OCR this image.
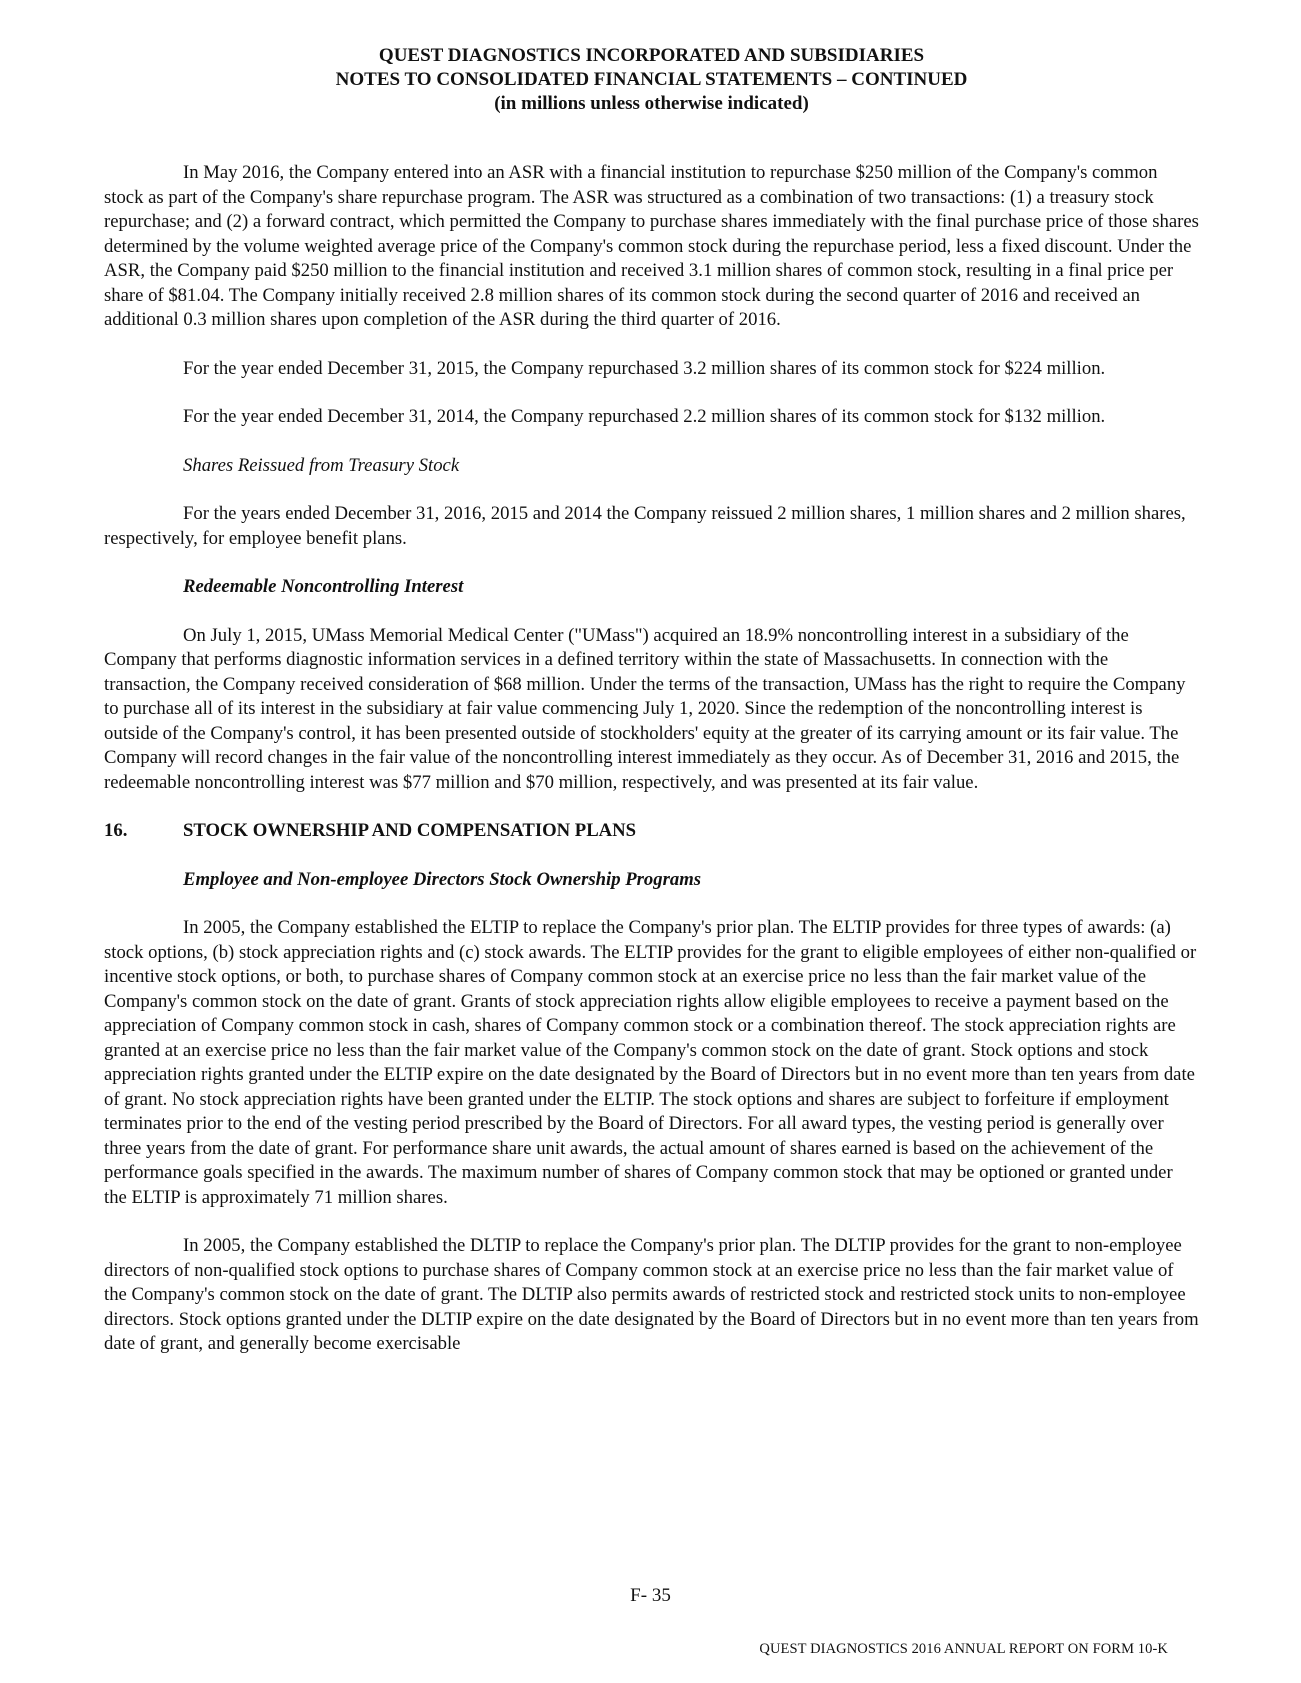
QUEST DIAGNOSTICS INCORPORATED AND SUBSIDIARIES
NOTES TO CONSOLIDATED FINANCIAL STATEMENTS – CONTINUED
(in millions unless otherwise indicated)

In May 2016, the Company entered into an ASR with a financial institution to repurchase $250 million of the Company's common stock as part of the Company's share repurchase program. The ASR was structured as a combination of two transactions: (1) a treasury stock repurchase; and (2) a forward contract, which permitted the Company to purchase shares immediately with the final purchase price of those shares determined by the volume weighted average price of the Company's common stock during the repurchase period, less a fixed discount. Under the ASR, the Company paid $250 million to the financial institution and received 3.1 million shares of common stock, resulting in a final price per share of $81.04. The Company initially received 2.8 million shares of its common stock during the second quarter of 2016 and received an additional 0.3 million shares upon completion of the ASR during the third quarter of 2016.

For the year ended December 31, 2015, the Company repurchased 3.2 million shares of its common stock for $224 million.

For the year ended December 31, 2014, the Company repurchased 2.2 million shares of its common stock for $132 million.

Shares Reissued from Treasury Stock

For the years ended December 31, 2016, 2015 and 2014 the Company reissued 2 million shares, 1 million shares and 2 million shares, respectively, for employee benefit plans.

Redeemable Noncontrolling Interest

On July 1, 2015, UMass Memorial Medical Center ("UMass") acquired an 18.9% noncontrolling interest in a subsidiary of the Company that performs diagnostic information services in a defined territory within the state of Massachusetts. In connection with the transaction, the Company received consideration of $68 million. Under the terms of the transaction, UMass has the right to require the Company to purchase all of its interest in the subsidiary at fair value commencing July 1, 2020. Since the redemption of the noncontrolling interest is outside of the Company's control, it has been presented outside of stockholders' equity at the greater of its carrying amount or its fair value. The Company will record changes in the fair value of the noncontrolling interest immediately as they occur. As of December 31, 2016 and 2015, the redeemable noncontrolling interest was $77 million and $70 million, respectively, and was presented at its fair value.

16.	STOCK OWNERSHIP AND COMPENSATION PLANS
Employee and Non-employee Directors Stock Ownership Programs

In 2005, the Company established the ELTIP to replace the Company's prior plan. The ELTIP provides for three types of awards: (a) stock options, (b) stock appreciation rights and (c) stock awards. The ELTIP provides for the grant to eligible employees of either non-qualified or incentive stock options, or both, to purchase shares of Company common stock at an exercise price no less than the fair market value of the Company's common stock on the date of grant. Grants of stock appreciation rights allow eligible employees to receive a payment based on the appreciation of Company common stock in cash, shares of Company common stock or a combination thereof. The stock appreciation rights are granted at an exercise price no less than the fair market value of the Company's common stock on the date of grant. Stock options and stock appreciation rights granted under the ELTIP expire on the date designated by the Board of Directors but in no event more than ten years from date of grant. No stock appreciation rights have been granted under the ELTIP. The stock options and shares are subject to forfeiture if employment terminates prior to the end of the vesting period prescribed by the Board of Directors. For all award types, the vesting period is generally over three years from the date of grant. For performance share unit awards, the actual amount of shares earned is based on the achievement of the performance goals specified in the awards. The maximum number of shares of Company common stock that may be optioned or granted under the ELTIP is approximately 71 million shares.

In 2005, the Company established the DLTIP to replace the Company's prior plan. The DLTIP provides for the grant to non-employee directors of non-qualified stock options to purchase shares of Company common stock at an exercise price no less than the fair market value of the Company's common stock on the date of grant. The DLTIP also permits awards of restricted stock and restricted stock units to non-employee directors. Stock options granted under the DLTIP expire on the date designated by the Board of Directors but in no event more than ten years from date of grant, and generally become exercisable

F- 35
QUEST DIAGNOSTICS 2016 ANNUAL REPORT ON FORM 10-K
